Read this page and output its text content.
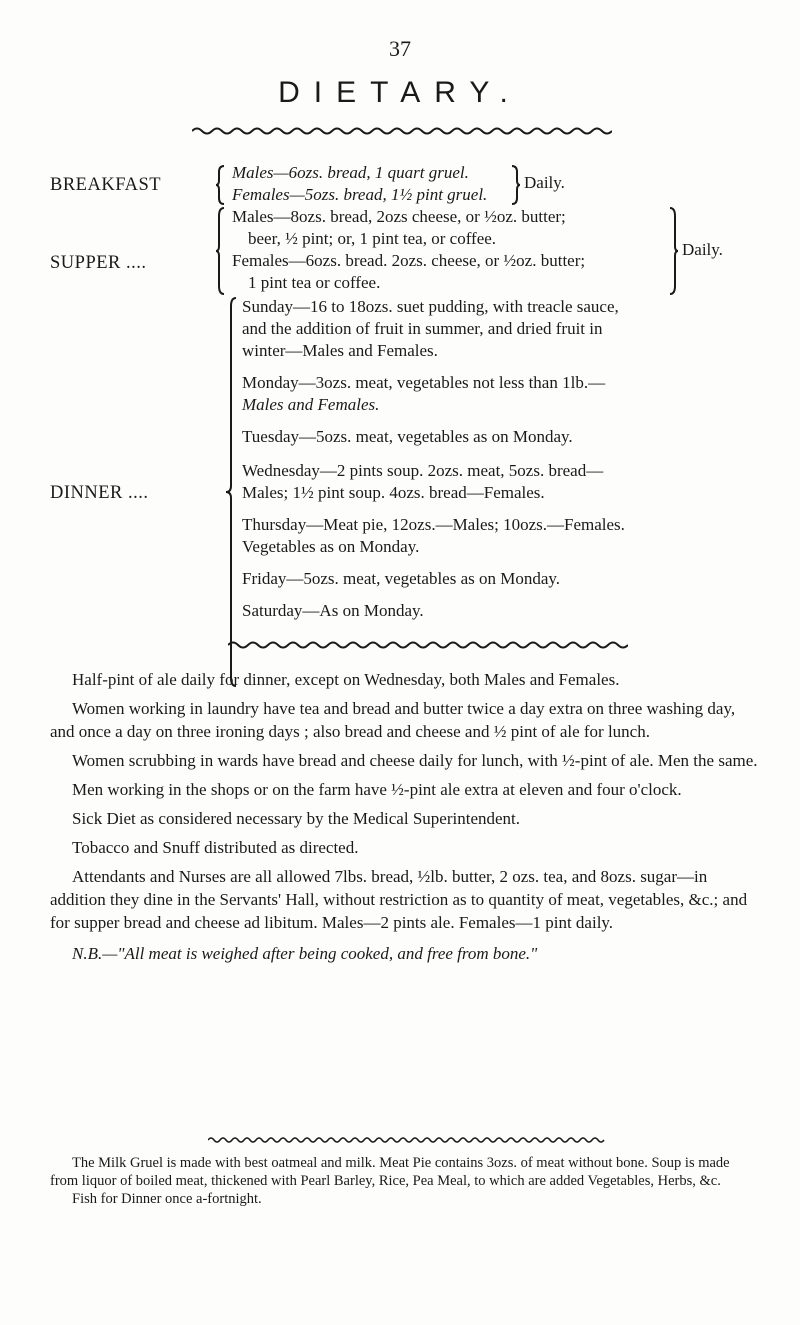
37
DIETARY.
BREAKFAST
Males—6ozs. bread, 1 quart gruel.
Females—5ozs. bread, 1½ pint gruel.
Daily.
SUPPER ....
Males—8ozs. bread, 2ozs cheese, or ½oz. butter;
beer, ½ pint; or, 1 pint tea, or coffee.
Females—6ozs. bread. 2ozs. cheese, or ½oz. butter;
1 pint tea or coffee.
Daily.
DINNER ....
Sunday—16 to 18ozs. suet pudding, with treacle sauce,
and the addition of fruit in summer, and dried fruit in
winter—Males and Females.
Monday—3ozs. meat, vegetables not less than 1lb.—
Males and Females.
Tuesday—5ozs. meat, vegetables as on Monday.
Wednesday—2 pints soup. 2ozs. meat, 5ozs. bread—
Males; 1½ pint soup. 4ozs. bread—Females.
Thursday—Meat pie, 12ozs.—Males; 10ozs.—Females.
Vegetables as on Monday.
Friday—5ozs. meat, vegetables as on Monday.
Saturday—As on Monday.

Half-pint of ale daily for dinner, except on Wednesday, both Males and Females.

Women working in laundry have tea and bread and butter twice a day extra on three washing day, and once a day on three ironing days ; also bread and cheese and ½ pint of ale for lunch.

Women scrubbing in wards have bread and cheese daily for lunch, with ½-pint of ale. Men the same.

Men working in the shops or on the farm have ½-pint ale extra at eleven and four o'clock.

Sick Diet as considered necessary by the Medical Superintendent.

Tobacco and Snuff distributed as directed.

Attendants and Nurses are all allowed 7lbs. bread, ½lb. butter, 2 ozs. tea, and 8ozs. sugar—in addition they dine in the Servants' Hall, without restriction as to quantity of meat, vegetables, &c.; and for supper bread and cheese ad libitum. Males—2 pints ale. Females—1 pint daily.

N.B.—"All meat is weighed after being cooked, and free from bone."

The Milk Gruel is made with best oatmeal and milk. Meat Pie contains 3ozs. of meat without bone. Soup is made from liquor of boiled meat, thickened with Pearl Barley, Rice, Pea Meal, to which are added Vegetables, Herbs, &c.

Fish for Dinner once a-fortnight.
